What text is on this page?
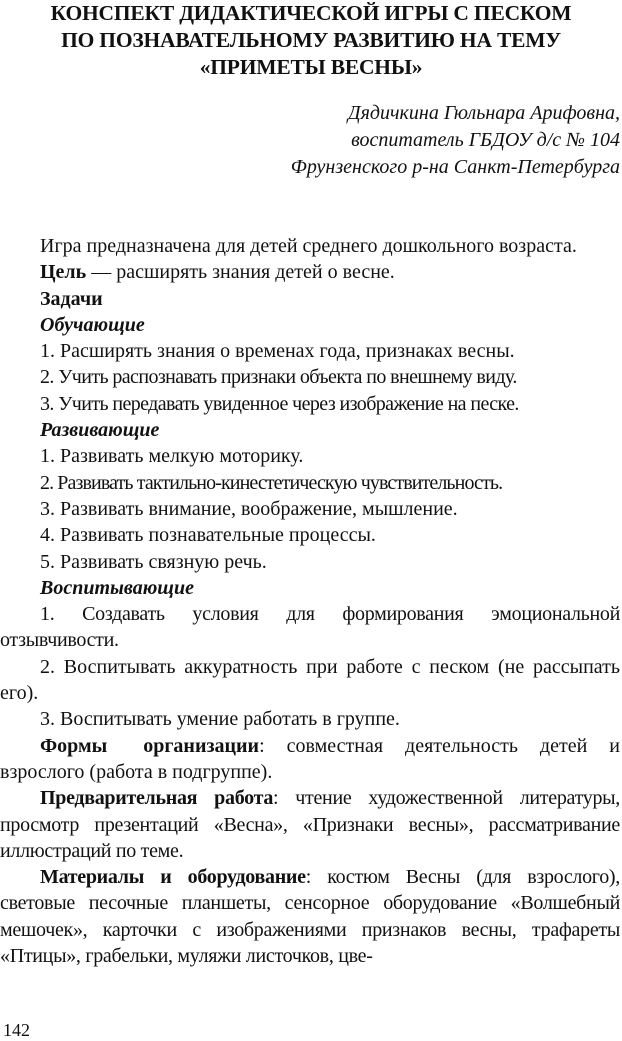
КОНСПЕКТ ДИДАКТИЧЕСКОЙ ИГРЫ С ПЕСКОМ
ПО ПОЗНАВАТЕЛЬНОМУ РАЗВИТИЮ НА ТЕМУ
«ПРИМЕТЫ ВЕСНЫ»
Дядичкина Гюльнара Арифовна,
воспитатель ГБДОУ д/с № 104
Фрунзенского р-на Санкт-Петербурга

Игра предназначена для детей среднего дошкольного возраста.

Цель — расширять знания детей о весне.

Задачи

Обучающие

1. Расширять знания о временах года, признаках весны.

2. Учить распознавать признаки объекта по внешнему виду.

3. Учить передавать увиденное через изображение на песке.

Развивающие

1. Развивать мелкую моторику.

2. Развивать тактильно-кинестетическую чувствительность.

3. Развивать внимание, воображение, мышление.

4. Развивать познавательные процессы.

5. Развивать связную речь.

Воспитывающие

1. Создавать условия для формирования эмоциональной отзывчивости.

2. Воспитывать аккуратность при работе с песком (не рассыпать его).

3. Воспитывать умение работать в группе.

Формы организации: совместная деятельность детей и взрослого (работа в подгруппе).

Предварительная работа: чтение художественной литературы, просмотр презентаций «Весна», «Признаки весны», рассматривание иллюстраций по теме.

Материалы и оборудование: костюм Весны (для взрослого), световые песочные планшеты, сенсорное оборудование «Волшебный мешочек», карточки с изображениями признаков весны, трафареты «Птицы», грабельки, муляжи листочков, цве-

142
